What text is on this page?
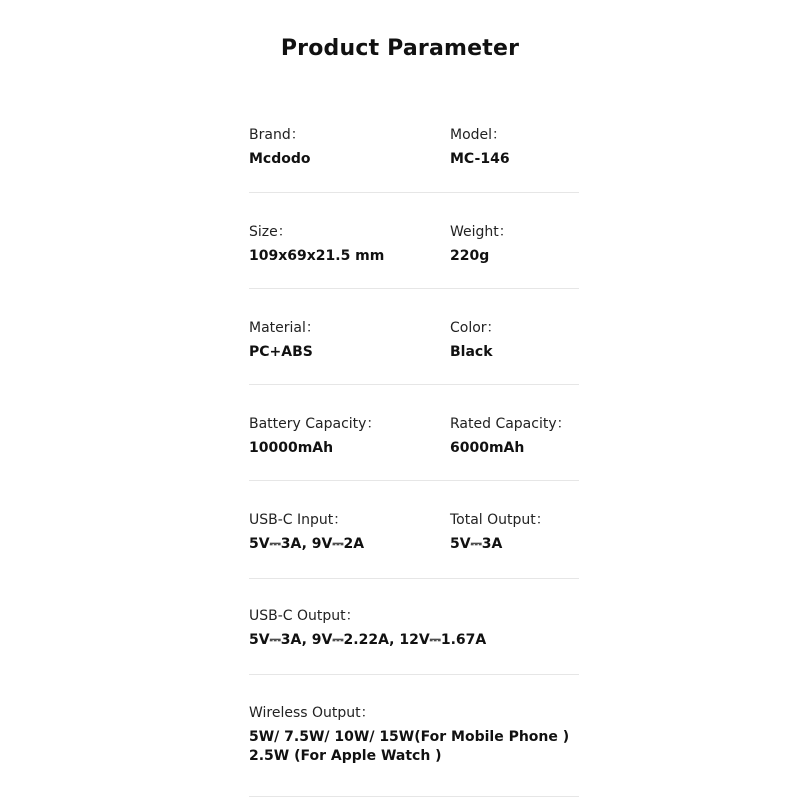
Product Parameter
Brand：
Mcdodo
Model：
MC-146
Size：
109x69x21.5 mm
Weight：
220g
Material：
PC+ABS
Color：
Black
Battery Capacity：
10000mAh
Rated Capacity：
6000mAh
USB-C Input：
5V⎓3A, 9V⎓2A
Total Output：
5V⎓3A
USB-C Output：
5V⎓3A, 9V⎓2.22A, 12V⎓1.67A
Wireless Output：
5W/ 7.5W/ 10W/ 15W(For Mobile Phone )
2.5W (For Apple Watch )
